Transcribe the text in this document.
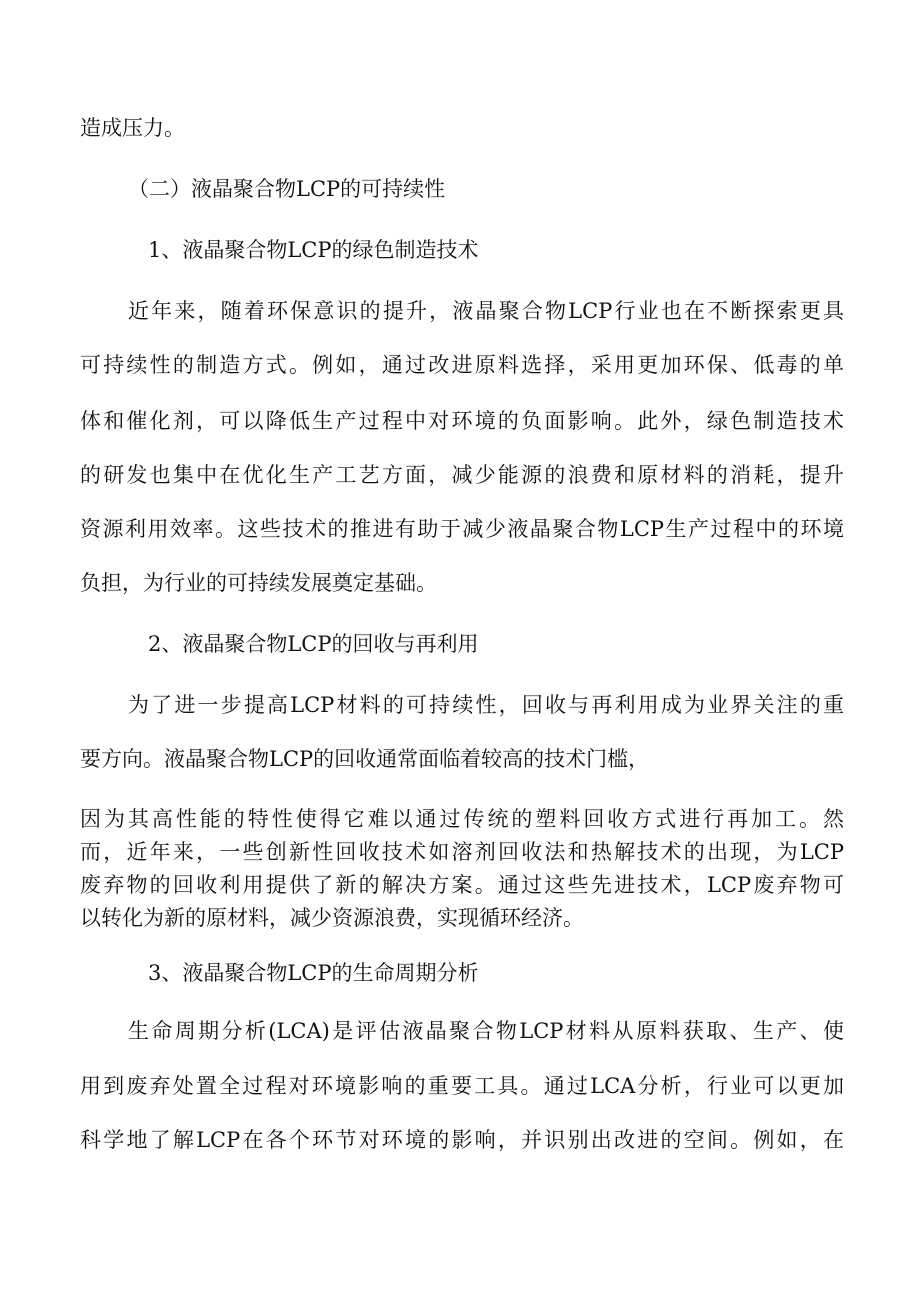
造成压力。
（二）液晶聚合物LCP的可持续性
1、液晶聚合物LCP的绿色制造技术
近年来，随着环保意识的提升，液晶聚合物LCP行业也在不断探索更具
可持续性的制造方式。例如，通过改进原料选择，采用更加环保、低毒的单
体和催化剂，可以降低生产过程中对环境的负面影响。此外，绿色制造技术
的研发也集中在优化生产工艺方面，减少能源的浪费和原材料的消耗，提升
资源利用效率。这些技术的推进有助于减少液晶聚合物LCP生产过程中的环境
负担，为行业的可持续发展奠定基础。
2、液晶聚合物LCP的回收与再利用
为了进一步提高LCP材料的可持续性，回收与再利用成为业界关注的重
要方向。液晶聚合物LCP的回收通常面临着较高的技术门槛，
因为其高性能的特性使得它难以通过传统的塑料回收方式进行再加工。然
而，近年来，一些创新性回收技术如溶剂回收法和热解技术的出现，为LCP
废弃物的回收利用提供了新的解决方案。通过这些先进技术，LCP废弃物可
以转化为新的原材料，减少资源浪费，实现循环经济。
3、液晶聚合物LCP的生命周期分析
生命周期分析(LCA)是评估液晶聚合物LCP材料从原料获取、生产、使
用到废弃处置全过程对环境影响的重要工具。通过LCA分析，行业可以更加
科学地了解LCP在各个环节对环境的影响，并识别出改进的空间。例如，在
